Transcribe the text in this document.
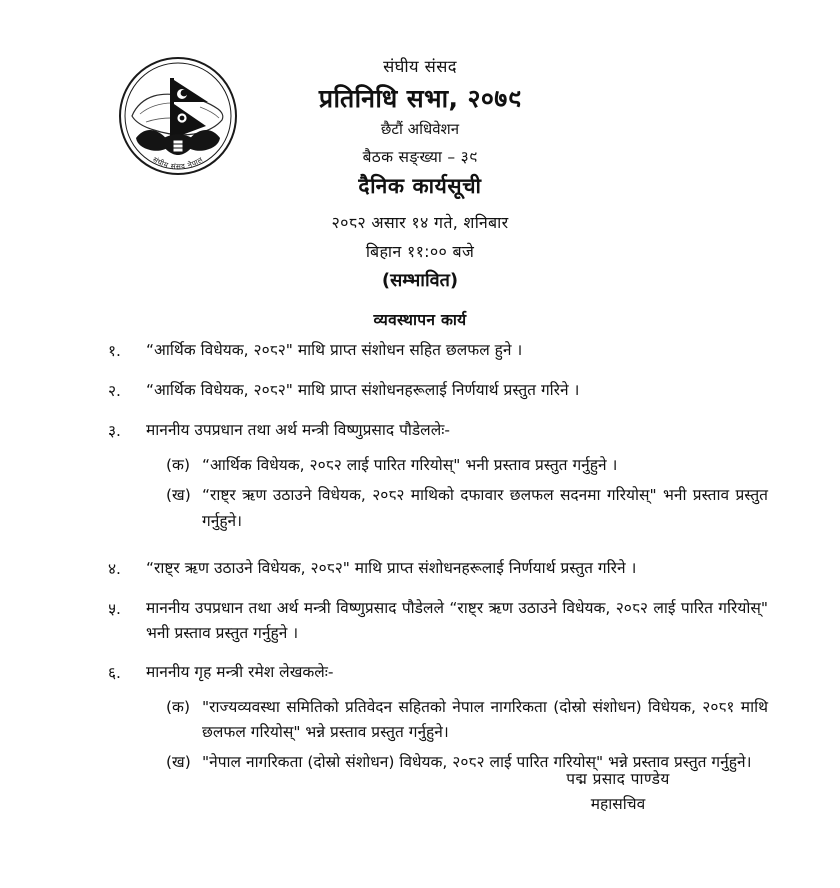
संघीय संसद नेपाल
संघीय संसद
प्रतिनिधि सभा, २०७९
छैटौं अधिवेशन
बैठक सङ्ख्या – ३९
दैनिक कार्यसूची
२०८२ असार १४ गते, शनिबार
बिहान ११:०० बजे
(सम्भावित)
व्यवस्थापन कार्य
१.	“आर्थिक विधेयक, २०८२" माथि प्राप्त संशोधन सहित छलफल हुने ।
२.	“आर्थिक विधेयक, २०८२" माथि प्राप्त संशोधनहरूलाई निर्णयार्थ प्रस्तुत गरिने ।
३.	माननीय उपप्रधान तथा अर्थ मन्त्री विष्णुप्रसाद पौडेललेः-
(क) “आर्थिक विधेयक, २०८२ लाई पारित गरियोस्" भनी प्रस्ताव प्रस्तुत गर्नुहुने ।
(ख) “राष्ट्र ऋण उठाउने विधेयक, २०८२ माथिको दफावार छलफल सदनमा गरियोस्" भनी प्रस्ताव प्रस्तुत गर्नुहुने।
४.	“राष्ट्र ऋण उठाउने विधेयक, २०८२" माथि प्राप्त संशोधनहरूलाई निर्णयार्थ प्रस्तुत गरिने ।
५.	माननीय उपप्रधान तथा अर्थ मन्त्री विष्णुप्रसाद पौडेलले “राष्ट्र ऋण उठाउने विधेयक, २०८२ लाई पारित गरियोस्" भनी प्रस्ताव प्रस्तुत गर्नुहुने ।
६.	माननीय गृह मन्त्री रमेश लेखकलेः-
(क) "राज्यव्यवस्था समितिको प्रतिवेदन सहितको नेपाल नागरिकता (दोस्रो संशोधन) विधेयक, २०८१ माथि छलफल गरियोस्" भन्ने प्रस्ताव प्रस्तुत गर्नुहुने।
(ख) "नेपाल नागरिकता (दोस्रो संशोधन) विधेयक, २०८२ लाई पारित गरियोस्" भन्ने प्रस्ताव प्रस्तुत गर्नुहुने।
पद्म प्रसाद पाण्डेय
महासचिव
